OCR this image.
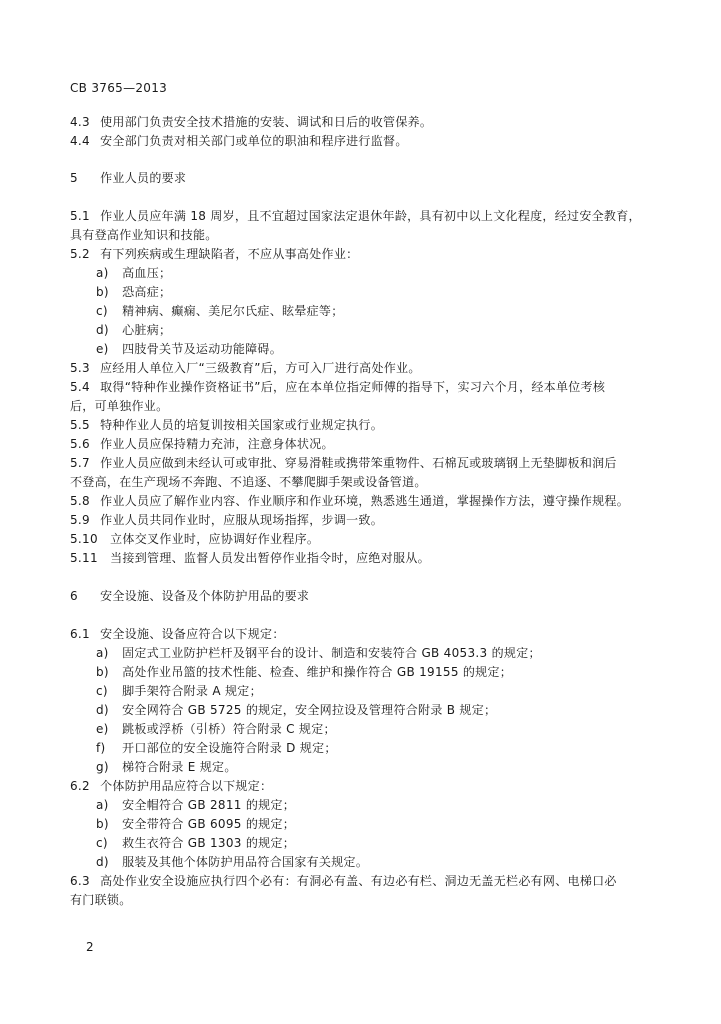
CB 3765—2013
4.3 使用部门负责安全技术措施的安装、调试和日后的收管保养。
4.4 安全部门负责对相关部门或单位的职油和程序进行监督。
5 作业人员的要求
5.1 作业人员应年满 18 周岁，且不宜超过国家法定退休年龄，具有初中以上文化程度，经过安全教育，
具有登高作业知识和技能。
5.2 有下列疾病或生理缺陷者，不应从事高处作业：
a) 高血压；
b) 恐高症；
c) 精神病、癫痫、美尼尔氏症、眩晕症等；
d) 心脏病；
e) 四肢骨关节及运动功能障碍。
5.3 应经用人单位入厂“三级教育”后，方可入厂进行高处作业。
5.4 取得“特种作业操作资格证书”后，应在本单位指定师傅的指导下，实习六个月，经本单位考核
后，可单独作业。
5.5 特种作业人员的培复训按相关国家或行业规定执行。
5.6 作业人员应保持精力充沛，注意身体状况。
5.7 作业人员应做到未经认可或审批、穿易滑鞋或携带笨重物件、石棉瓦或玻璃钢上无垫脚板和润后
不登高，在生产现场不奔跑、不追逐、不攀爬脚手架或设备管道。
5.8 作业人员应了解作业内容、作业顺序和作业环境，熟悉逃生通道，掌握操作方法，遵守操作规程。
5.9 作业人员共同作业时，应服从现场指挥，步调一致。
5.10 立体交叉作业时，应协调好作业程序。
5.11 当接到管理、监督人员发出暂停作业指令时，应绝对服从。
6 安全设施、设备及个体防护用品的要求
6.1 安全设施、设备应符合以下规定：
a) 固定式工业防护栏杆及钢平台的设计、制造和安装符合 GB 4053.3 的规定；
b) 高处作业吊篮的技术性能、检查、维护和操作符合 GB 19155 的规定；
c) 脚手架符合附录 A 规定；
d) 安全网符合 GB 5725 的规定，安全网拉设及管理符合附录 B 规定；
e) 跳板或浮桥（引桥）符合附录 C 规定；
f) 开口部位的安全设施符合附录 D 规定；
g) 梯符合附录 E 规定。
6.2 个体防护用品应符合以下规定：
a) 安全帽符合 GB 2811 的规定；
b) 安全带符合 GB 6095 的规定；
c) 救生衣符合 GB 1303 的规定；
d) 服装及其他个体防护用品符合国家有关规定。
6.3 高处作业安全设施应执行四个必有：有洞必有盖、有边必有栏、洞边无盖无栏必有网、电梯口必
有门联锁。
2
